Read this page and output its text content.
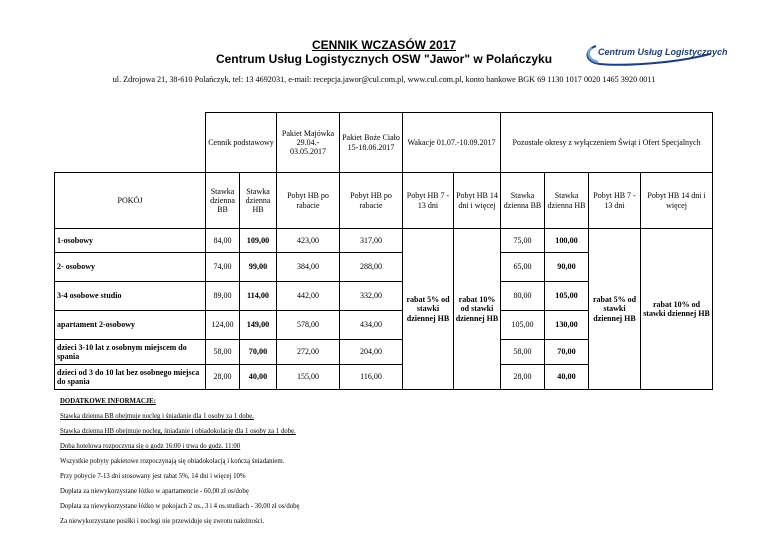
CENNIK WCZASÓW 2017
Centrum Usług Logistycznych OSW "Jawor" w Polańczyku	Centrum Usług Logistycznych
ul. Zdrojowa 21, 38-610 Polańczyk, tel: 13 4692031, e-mail: recepcja.jawor@cul.com.pl, www.cul.com.pl, konto bankowe BGK 69 1130 1017 0020 1465 3920 0011
	Cennik podstawowy		Pakiet Majówka 29.04.- 03.05.2017	Pakiet Boże Ciało 15-18.06.2017	Wakacje 01.07.-10.09.2017		Pozostałe okresy z wyłączeniem Świąt i Ofert Specjalnych			
POKÓJ	Stawka dzienna BB	Stawka dzienna HB	Pobyt HB po rabacie	Pobyt HB po rabacie	Pobyt HB 7 - 13 dni	Pobyt HB 14 dni i więcej	Stawka dzienna BB	Stawka dzienna HB	Pobyt HB 7 - 13 dni	Pobyt HB 14 dni i więcej
1-osobowy	84,00	109,00	423,00	317,00	rabat 5% od stawki dziennej HB	rabat 10% od stawki dziennej HB	75,00	100,00	rabat 5% od stawki dziennej HB	rabat 10% od stawki dziennej HB
2- osobowy	74,00	99,00	384,00	288,00			65,00	90,00		
3-4 osobowe studio	89,00	114,00	442,00	332,00			80,00	105,00		
apartament 2-osobowy	124,00	149,00	578,00	434,00			105,00	130,00		
dzieci 3-10 lat z osobnym miejscem do spania	58,00	70,00	272,00	204,00			58,00	70,00		
dzieci od 3 do 10 lat bez osobnego miejsca do spania	28,00	40,00	155,00	116,00			28,00	40,00		
DODATKOWE INFORMACJE:
Stawka dzienna BB obejmuje nocleg i śniadanie dla 1 osoby za 1 dobę.
Stawka dzienna HB obejmuje nocleg, śniadanie i obiadokolację dla 1 osoby za 1 dobę.
Doba hotelowa rozpoczyna się o godz 16:00 i trwa do godz. 11:00
Wszystkie pobyty pakietowe rozpoczynają się obiadokolacją i kończą śniadaniem.
Przy pobycie 7-13 dni stosowany jest rabat 5%, 14 dni i więcej 10%
Dopłata za niewykorzystane łóżko w apartamencie - 60,00 zł os/dobę
Dopłata za niewykorzystane łóżko w pokojach 2 os., 3 i 4 os.studiach - 30,00 zł os/dobę
Za niewykorzystane posiłki i noclegi nie przewiduje się zwrotu należności.
